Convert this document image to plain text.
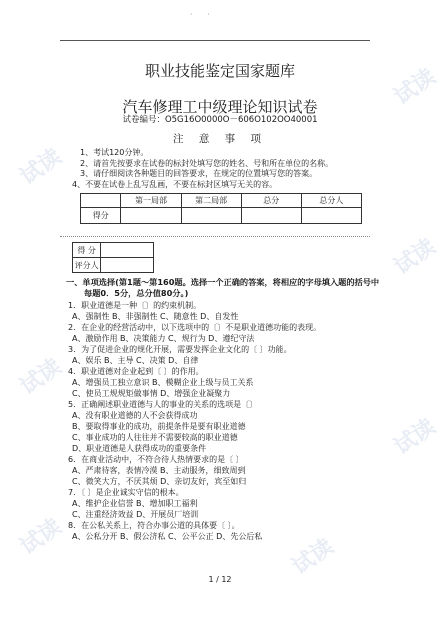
· ·
职业技能鉴定国家题库
汽车修理工中级理论知识试卷
试卷编号：O5G16O0000O－606O102OO40001
注 意 事 项
1、考试120分钟。
2、请首先按要求在试卷的标封处填写您的姓名、号和所在单位的名称。
3、请仔细阅读各种题目的回答要求，在规定的位置填写您的答案。
4、不要在试卷上乱写乱画，不要在标封区填写无关的容。
	第一局部	第二局部	总分	总分人
得分				
得 分	
评分人	
一、单项选择(第1题～第160题。选择一个正确的答案，将相应的字母填入题的括号中
每题0．5分，总分值80分。)
1．职业道德是一种〔〕的约束机制。
A、强制性 B、非强制性 C、随意性 D、自发性
2．在企业的经营活动中，以下选项中的〔〕不是职业道德功能的表现。
A、激励作用 B、决策能力 C、规行为 D、遵纪守法
3．为了促进企业的规化开展，需要发挥企业文化的〔 〕功能。
A、娱乐 B、主导 C、决策 D、自律
4．职业道德对企业起到〔 〕的作用。
A、增强员工独立意识 B、模糊企业上级与员工关系
C、使员工规规矩做事情 D、增强企业凝聚力
5．正确阐述职业道德与人的事业的关系的选项是〔〕
A、没有职业道德的人不会获得成功
B、要取得事业的成功，前提条件是要有职业道德
C、事业成功的人往往并不需要较高的职业道德
D、职业道德是人获得成功的重要条件
6．在商业活动中，不符合待人热情要求的是〔 〕
A、严肃待客，表情冷漠 B、主动服务，细致周到
C、微笑大方，不厌其烦 D、亲切友好，宾至如归
7．〔 〕是企业诚实守信的根本。
A、维护企业信誉 B、增加职工福利
C、注重经济效益 D、开展员厂培训
8．在公私关系上，符合办事公道的具体要〔 〕。
A、公私分开 B、假公济私 C、公平公正 D、先公后私
1 / 12
试读
试读
试读
试读
试读
试读	试读
